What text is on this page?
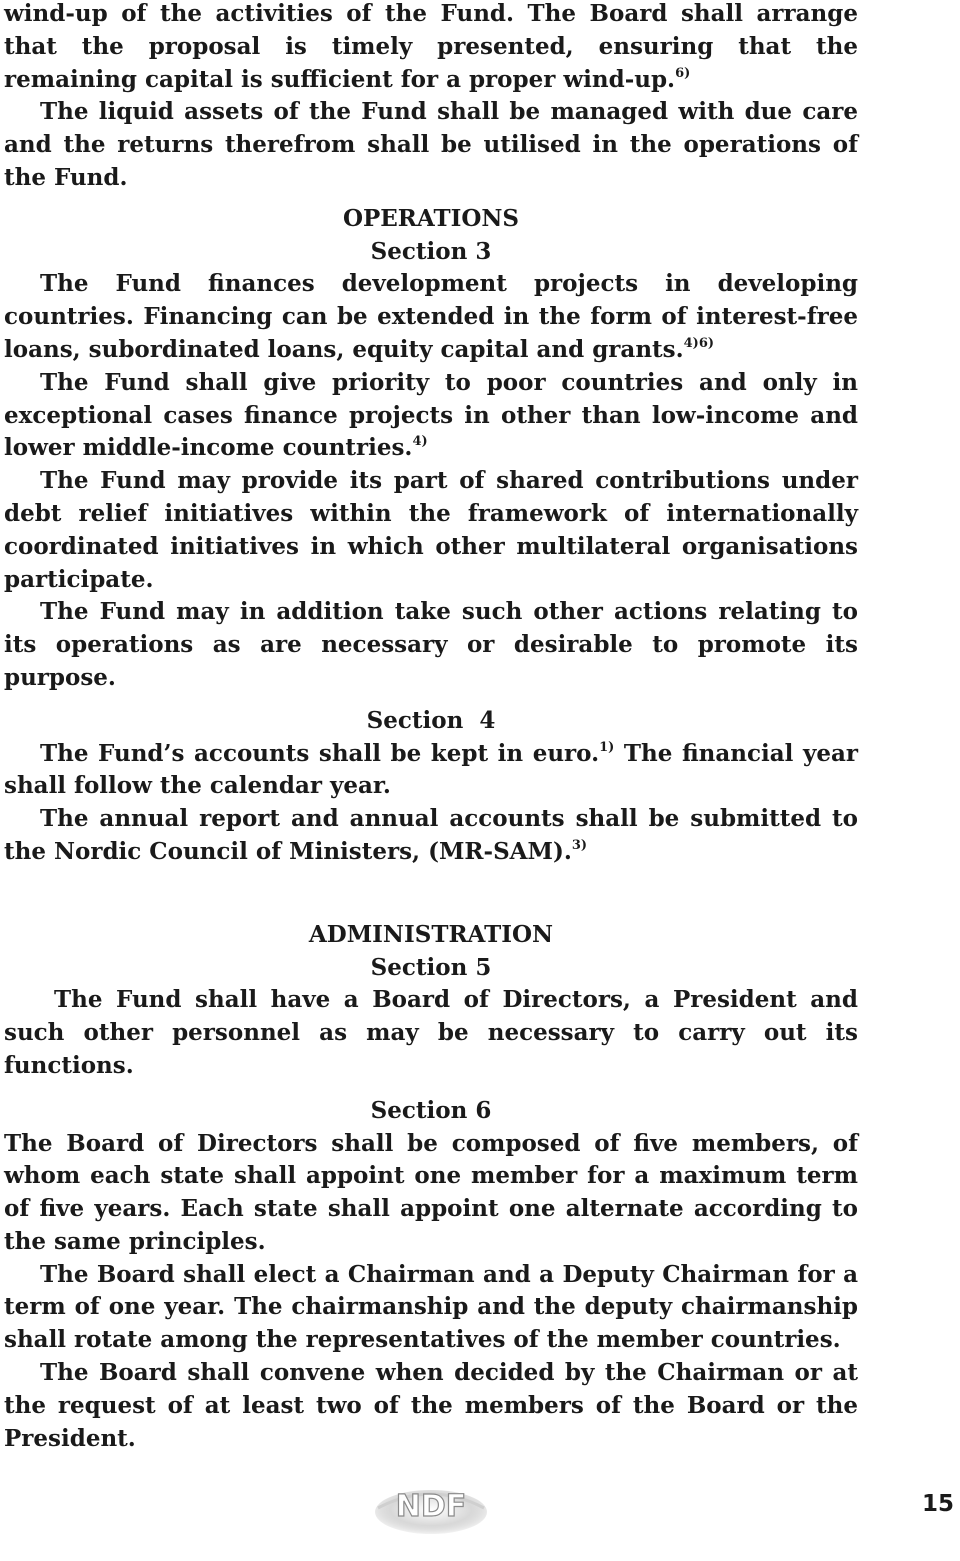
wind-up of the activities of the Fund. The Board shall arrange that the proposal is timely presented, ensuring that the remaining capital is sufficient for a proper wind-up.$^{6)}$

The liquid assets of the Fund shall be managed with due care and the returns therefrom shall be utilised in the operations of the Fund.

OPERATIONS

Section 3

The Fund finances development projects in developing countries. Financing can be extended in the form of interest-free loans, subordinated loans, equity capital and grants.$^{4)6)}$

The Fund shall give priority to poor countries and only in exceptional cases finance projects in other than low-income and lower middle-income countries.$^{4)}$

The Fund may provide its part of shared contributions under debt relief initiatives within the framework of internationally coordinated initiatives in which other multilateral organisations participate.

The Fund may in addition take such other actions relating to its operations as are necessary or desirable to promote its purpose.

Section  4

The Fund’s accounts shall be kept in euro.$^{1)}$ The financial year shall follow the calendar year.

The annual report and annual accounts shall be submitted to the Nordic Council of Ministers, (MR-SAM).$^{3)}$

ADMINISTRATION

Section 5

The Fund shall have a Board of Directors, a President and such other personnel as may be necessary to carry out its functions.

Section 6

The Board of Directors shall be composed of five members, of whom each state shall appoint one member for a maximum term of five years. Each state shall appoint one alternate according to the same principles.

The Board shall elect a Chairman and a Deputy Chairman for a term of one year. The chairmanship and the deputy chairmanship shall rotate among the representatives of the member countries.

The Board shall convene when decided by the Chairman or at the request of at least two of the members of the Board or the President.

NDF	15
